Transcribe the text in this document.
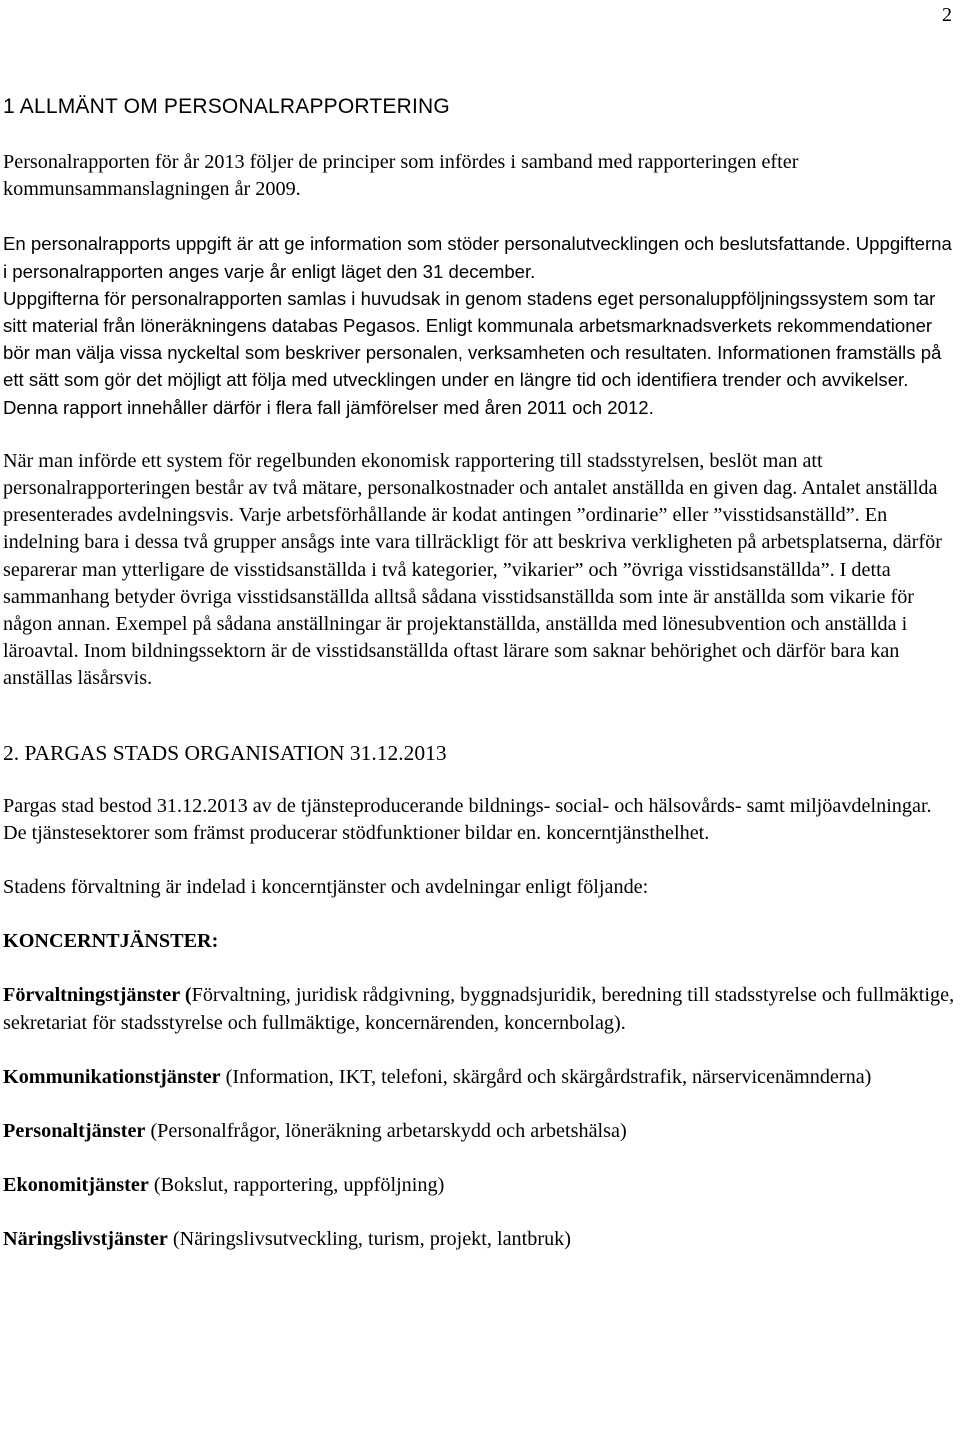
2
1 ALLMÄNT OM PERSONALRAPPORTERING

Personalrapporten för år 2013 följer de principer som infördes i samband med rapporteringen efter kommunsammanslagningen år 2009.

En personalrapports uppgift är att ge information som stöder personalutvecklingen och beslutsfattande. Uppgifterna i personalrapporten anges varje år enligt läget den 31 december.

Uppgifterna för personalrapporten samlas i huvudsak in genom stadens eget personaluppföljningssystem som tar sitt material från löneräkningens databas Pegasos. Enligt kommunala arbetsmarknadsverkets rekommendationer bör man välja vissa nyckeltal som beskriver personalen, verksamheten och resultaten. Informationen framställs på ett sätt som gör det möjligt att följa med utvecklingen under en längre tid och identifiera trender och avvikelser. Denna rapport innehåller därför i flera fall jämförelser med åren 2011 och 2012.

När man införde ett system för regelbunden ekonomisk rapportering till stadsstyrelsen, beslöt man att personalrapporteringen består av två mätare, personalkostnader och antalet anställda en given dag. Antalet anställda presenterades avdelningsvis. Varje arbetsförhållande är kodat antingen ”ordinarie” eller ”visstidsanställd”. En indelning bara i dessa två grupper ansågs inte vara tillräckligt för att beskriva verkligheten på arbetsplatserna, därför separerar man ytterligare de visstidsanställda i två kategorier, ”vikarier” och ”övriga visstidsanställda”. I detta sammanhang betyder övriga visstidsanställda alltså sådana visstidsanställda som inte är anställda som vikarie för någon annan. Exempel på sådana anställningar är projektanställda, anställda med lönesubvention och anställda i läroavtal. Inom bildningssektorn är de visstidsanställda oftast lärare som saknar behörighet och därför bara kan anställas läsårsvis.

2. PARGAS STADS ORGANISATION 31.12.2013

Pargas stad bestod 31.12.2013 av de tjänsteproducerande bildnings- social- och hälsovårds- samt miljöavdelningar. De tjänstesektorer som främst producerar stödfunktioner bildar en. koncerntjänsthelhet.

Stadens förvaltning är indelad i koncerntjänster och avdelningar enligt följande:

KONCERNTJÄNSTER:

Förvaltningstjänster (Förvaltning, juridisk rådgivning, byggnadsjuridik, beredning till stadsstyrelse och fullmäktige, sekretariat för stadsstyrelse och fullmäktige, koncernärenden, koncernbolag).

Kommunikationstjänster (Information, IKT, telefoni, skärgård och skärgårdstrafik, närservicenämnderna)

Personaltjänster (Personalfrågor, löneräkning arbetarskydd och arbetshälsa)

Ekonomitjänster (Bokslut, rapportering, uppföljning)

Näringslivstjänster (Näringslivsutveckling, turism, projekt, lantbruk)
